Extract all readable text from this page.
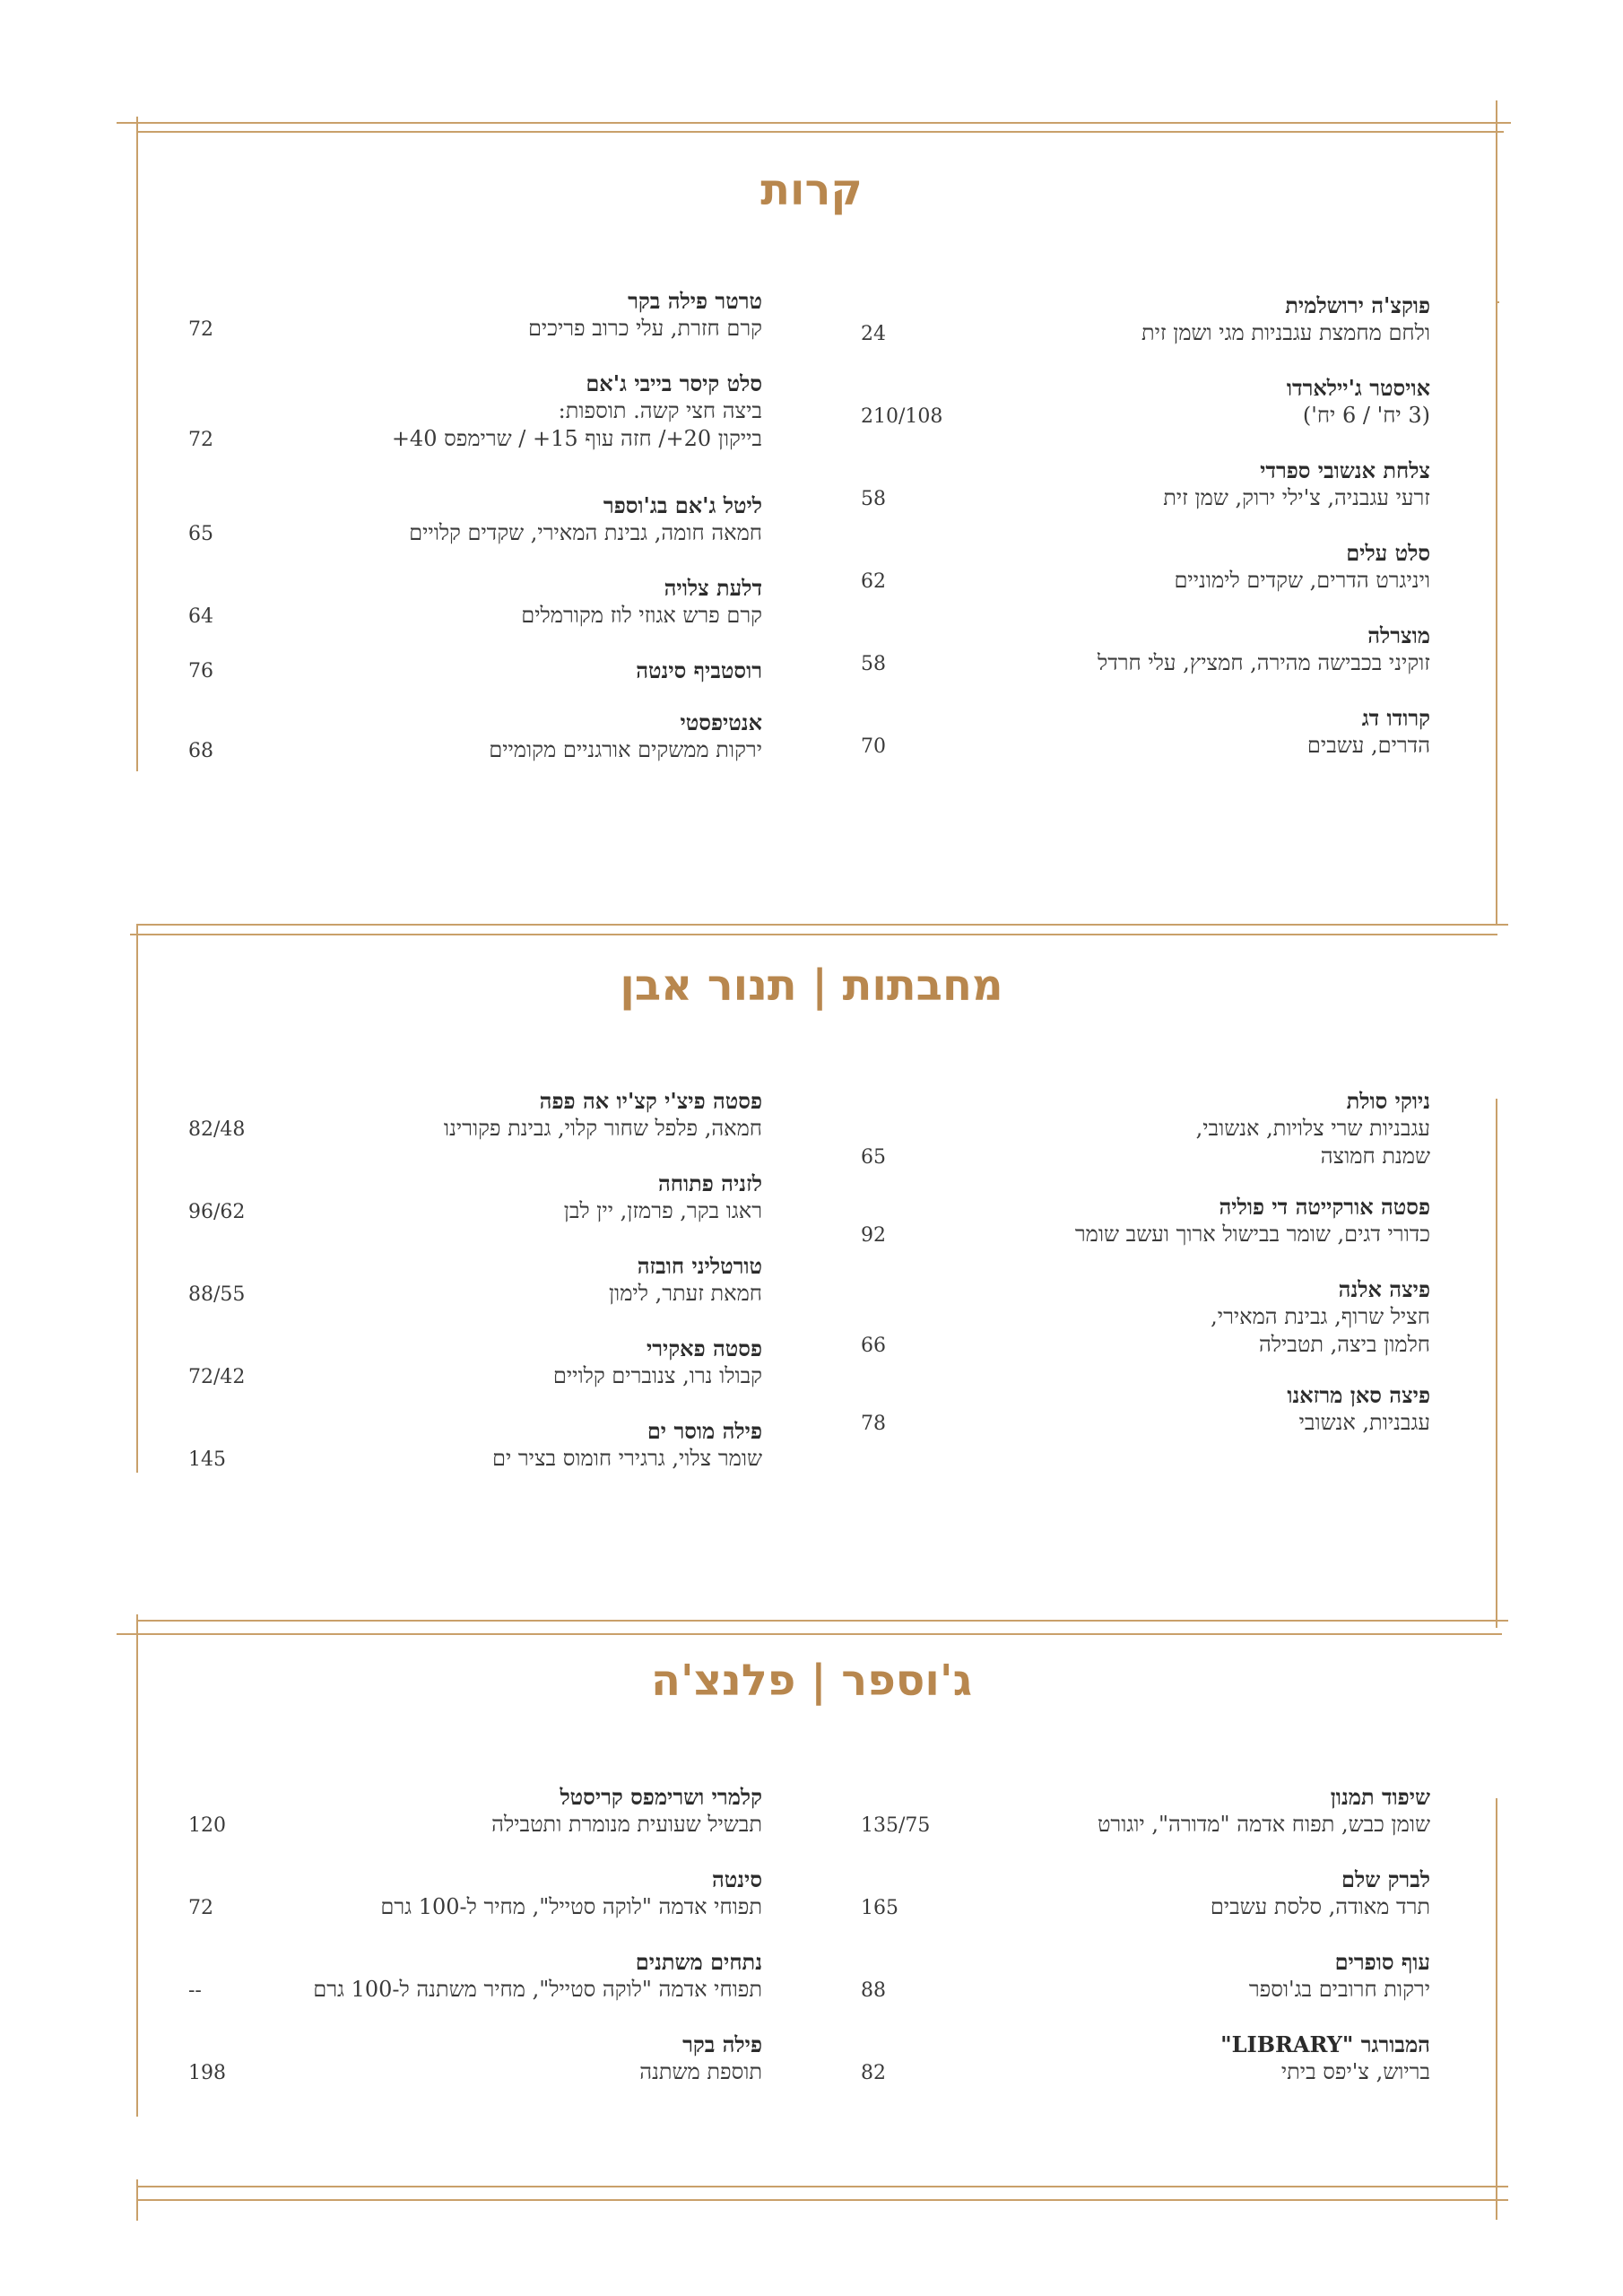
קרות
מחבתות | תנור אבן
ג'וספר | פלנצ'ה
פוקצ'ה ירושלמית
ולחם מחמצת עגבניות מגי ושמן זית
24
אויסטר ג'יילארדו
(3 יח' / 6 יח')
210/108
צלחת אנשובי ספרדי
זרעי עגבניה, צ'ילי ירוק, שמן זית
58
סלט עלים
ויניגרט הדרים, שקדים לימוניים
62
מוצרלה
זוקיני בכבישה מהירה, חמציץ, עלי חרדל
58
קרודו דג
הדרים, עשבים
70
טרטר פילה בקר
קרם חזרת, עלי כרוב פריכים
72
סלט קיסר בייבי ג'אם
ביצה חצי קשה. תוספות:
בייקון 20+/ חזה עוף 15+ / שרימפס 40+
72
ליטל ג'אם בג'וספר
חמאה חומה, גבינת המאירי, שקדים קלויים
65
דלעת צלויה
קרם פרש אגוזי לוז מקורמלים
64
רוסטביף סינטה
76
אנטיפסטי
ירקות ממשקים אורגניים מקומיים
68
ניוקי סולת
עגבניות שרי צלויות, אנשובי,
שמנת חמוצה
65
פסטה אורקייטה די פוליה
כדורי דגים, שומר בבישול ארוך ועשב שומר
92
פיצה אלנה
חציל שרוף, גבינת המאירי,
חלמון ביצה, תטבילה
66
פיצה סאן מרזאנו
עגבניות, אנשובי
78
פסטה פיצ'י קצ'יו אה פפה
חמאה, פלפל שחור קלוי, גבינת פקורינו
82/48
לזניה פתוחה
ראגו בקר, פרמזן, יין לבן
96/62
טורטליני חובזה
חמאת זעתר, לימון
88/55
פסטה פאקירי
קבולו נרו, צנוברים קלויים
72/42
פילה מוסר ים
שומר צלוי, גרגירי חומוס בציר ים
145
שיפוד תמנון
שומן כבש, תפוח אדמה "מדורה", יוגורט
135/75
לברק שלם
תרד מאודה, סלסת עשבים
165
עוף סופרים
ירקות חרובים בג'וספר
88
המבורגר "LIBRARY"
בריוש, צ'יפס ביתי
82
קלמרי ושרימפס קריסטל
תבשיל שעועית מנומרת ותטבילה
120
סינטה
תפוחי אדמה "לוקה סטייל", מחיר ל-100 גרם
72
נתחים משתנים
תפוחי אדמה "לוקה סטייל", מחיר משתנה ל-100 גרם
--
פילה בקר
תוספת משתנה
198
